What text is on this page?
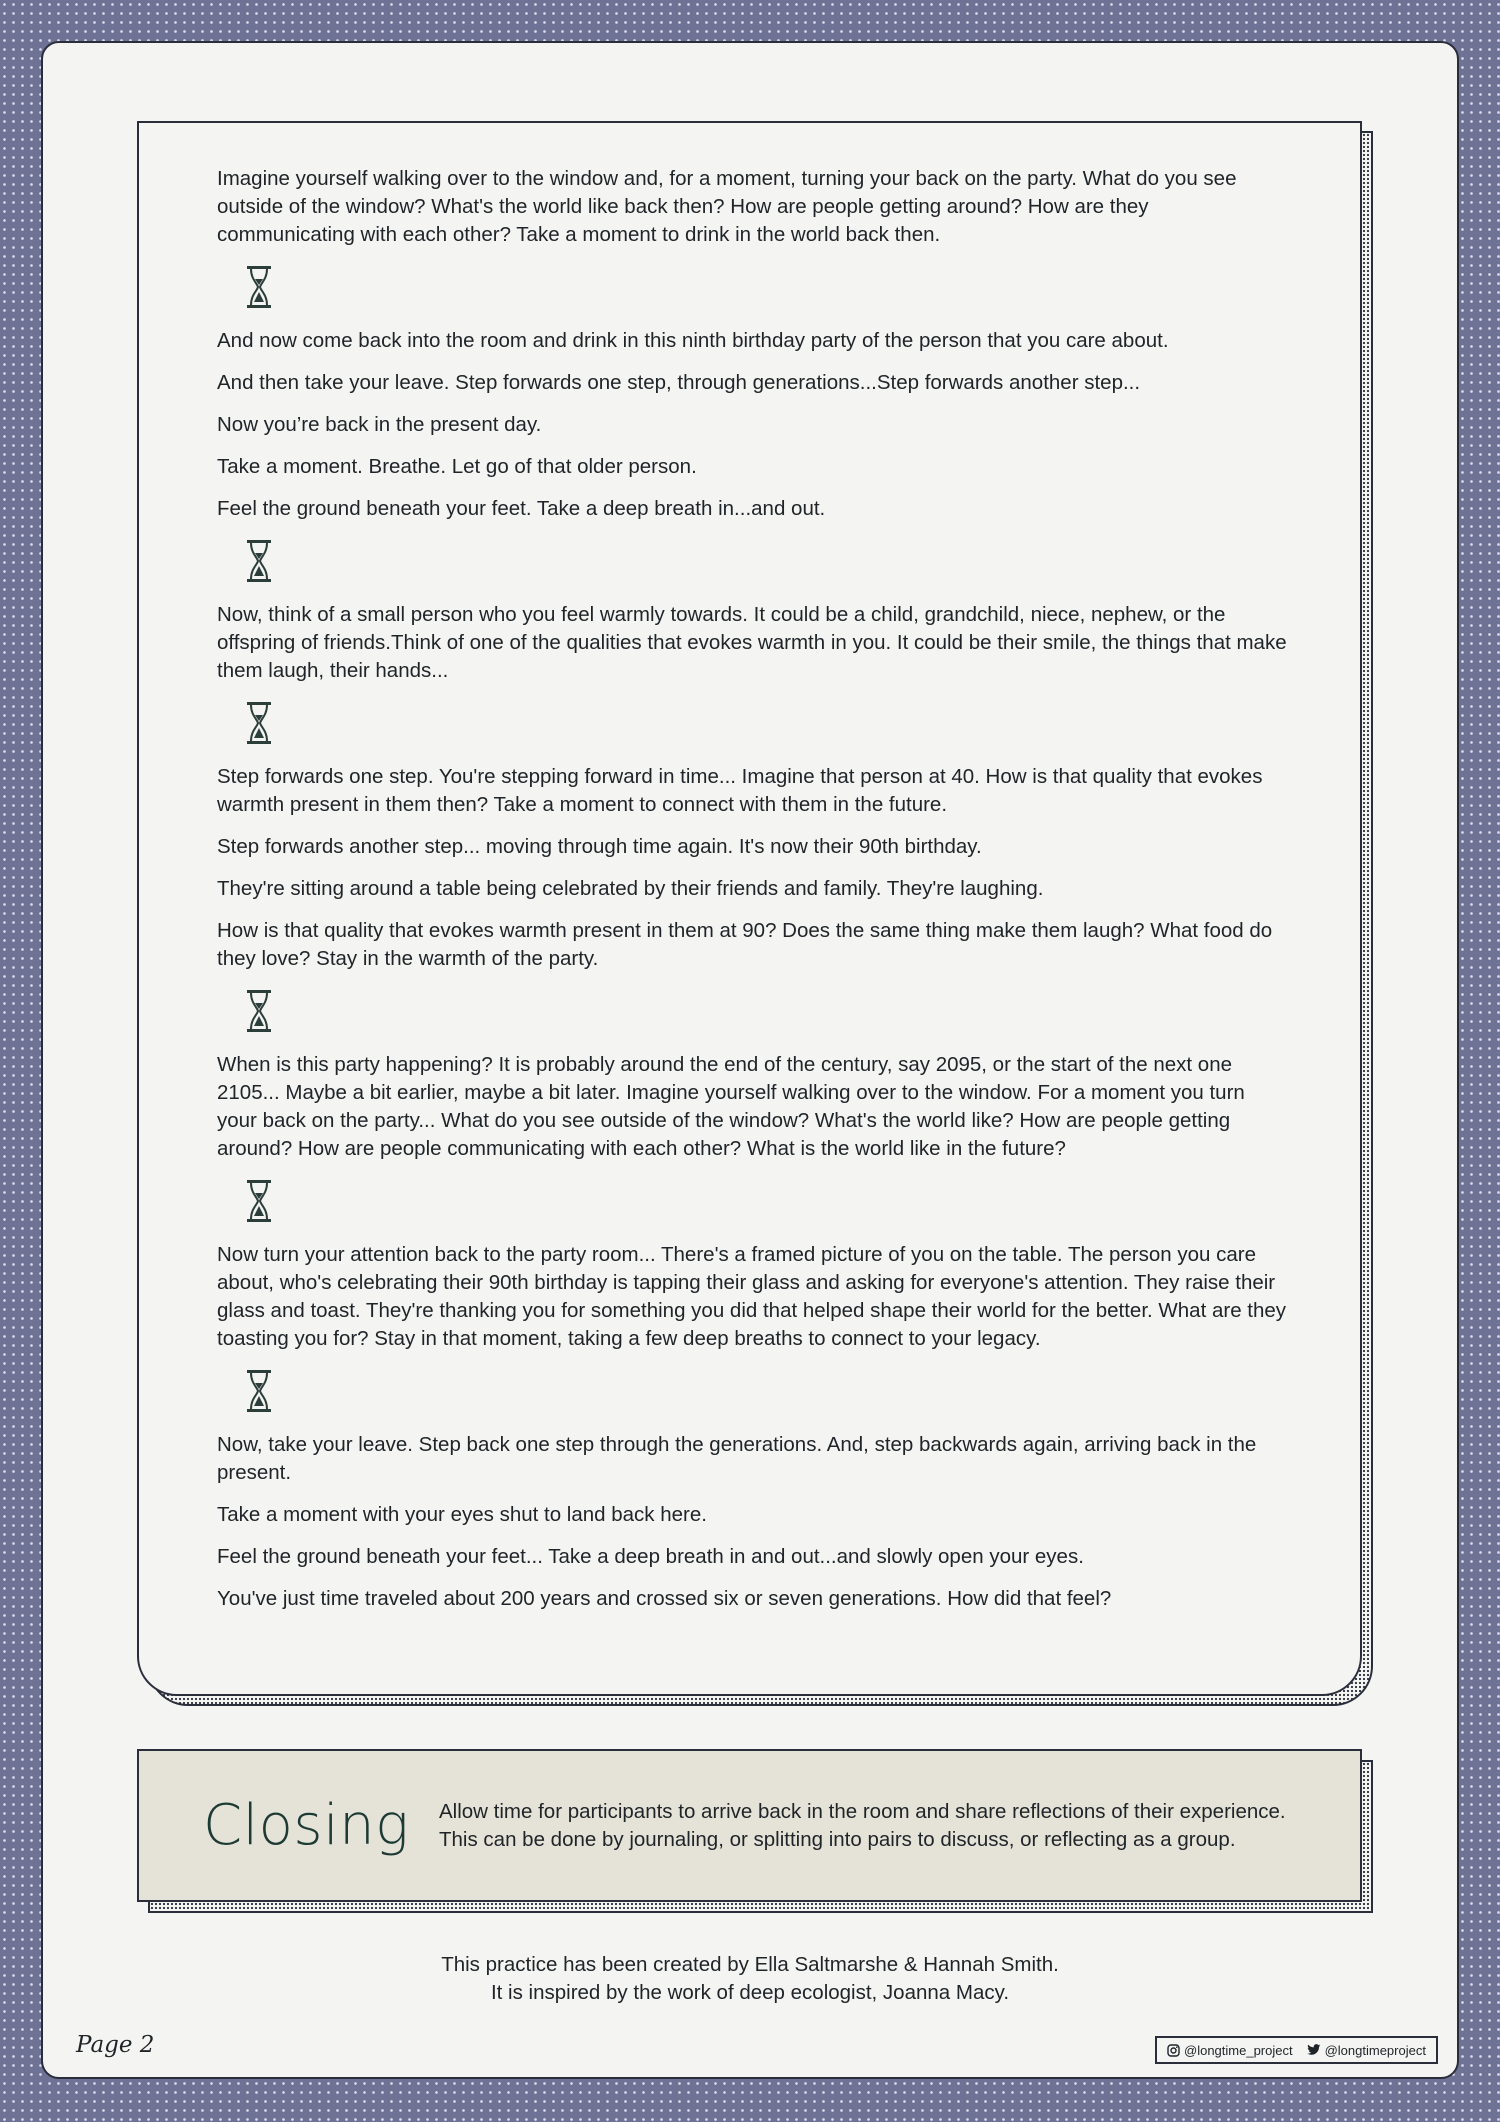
Imagine yourself walking over to the window and, for a moment, turning your back on the party. What do you see outside of the window? What's the world like back then? How are people getting around? How are they communicating with each other? Take a moment to drink in the world back then.

And now come back into the room and drink in this ninth birthday party of the person that you care about.

And then take your leave. Step forwards one step, through generations...Step forwards another step...

Now you’re back in the present day.

Take a moment. Breathe. Let go of that older person.

Feel the ground beneath your feet. Take a deep breath in...and out.

Now, think of a small person who you feel warmly towards. It could be a child, grandchild, niece, nephew, or the offspring of friends.Think of one of the qualities that evokes warmth in you. It could be their smile, the things that make them laugh, their hands...

Step forwards one step. You're stepping forward in time... Imagine that person at 40. How is that quality that evokes warmth present in them then? Take a moment to connect with them in the future.

Step forwards another step... moving through time again. It's now their 90th birthday.

They're sitting around a table being celebrated by their friends and family. They're laughing.

How is that quality that evokes warmth present in them at 90? Does the same thing make them laugh? What food do they love? Stay in the warmth of the party.

When is this party happening? It is probably around the end of the century, say 2095, or the start of the next one 2105... Maybe a bit earlier, maybe a bit later. Imagine yourself walking over to the window. For a moment you turn your back on the party... What do you see outside of the window? What's the world like? How are people getting around? How are people communicating with each other? What is the world like in the future?

Now turn your attention back to the party room... There's a framed picture of you on the table. The person you care about, who's celebrating their 90th birthday is tapping their glass and asking for everyone's attention. They raise their glass and toast. They're thanking you for something you did that helped shape their world for the better. What are they toasting you for? Stay in that moment, taking a few deep breaths to connect to your legacy.

Now, take your leave. Step back one step through the generations. And, step backwards again, arriving back in the present.

Take a moment with your eyes shut to land back here.

Feel the ground beneath your feet... Take a deep breath in and out...and slowly open your eyes.

You've just time traveled about 200 years and crossed six or seven generations. How did that feel?

Closing	Allow time for participants to arrive back in the room and share reflections of their experience. This can be done by journaling, or splitting into pairs to discuss, or reflecting as a group.
This practice has been created by Ella Saltmarshe & Hannah Smith.
It is inspired by the work of deep ecologist, Joanna Macy.
Page 2	@longtime_project @longtimeproject
